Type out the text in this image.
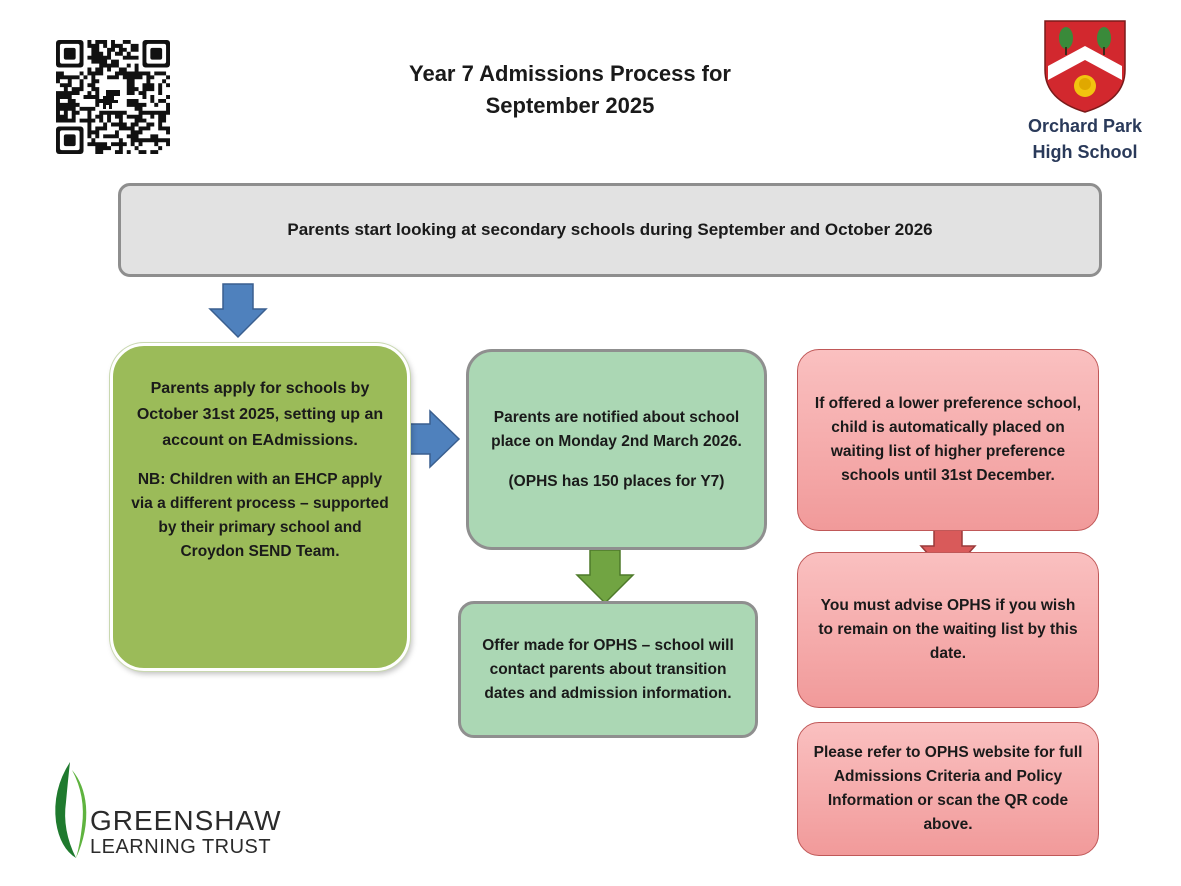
Year 7 Admissions Process for
September 2025
Orchard Park
High School
Parents start looking at secondary schools during September and October 2026
Parents apply for schools by October 31st 2025, setting up an account on EAdmissions.
NB: Children with an EHCP apply via a different process – supported by their primary school and Croydon SEND Team.
Parents are notified about school place on Monday 2nd March 2026.
(OPHS has 150 places for Y7)
Offer made for OPHS – school will contact parents about transition dates and admission information.
If offered a lower preference school, child is automatically placed on waiting list of higher preference schools until 31st December.
You must advise OPHS if you wish to remain on the waiting list by this date.
Please refer to OPHS website for full Admissions Criteria and Policy Information or scan the QR code above.
GREENSHAW
LEARNING TRUST
